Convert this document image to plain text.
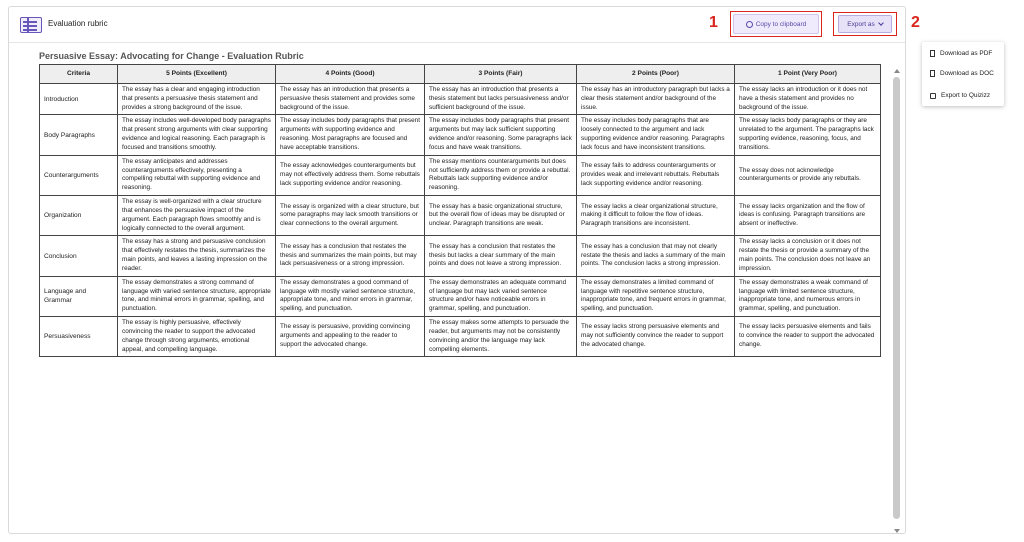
Evaluation rubric
Persuasive Essay: Advocating for Change - Evaluation Rubric
Criteria	5 Points (Excellent)	4 Points (Good)	3 Points (Fair)	2 Points (Poor)	1 Point (Very Poor)
Introduction	The essay has a clear and engaging introduction that presents a persuasive thesis statement and provides a strong background of the issue.	The essay has an introduction that presents a persuasive thesis statement and provides some background of the issue.	The essay has an introduction that presents a thesis statement but lacks persuasiveness and/or sufficient background of the issue.	The essay has an introductory paragraph but lacks a clear thesis statement and/or background of the issue.	The essay lacks an introduction or it does not have a thesis statement and provides no background of the issue.
Body Paragraphs	The essay includes well-developed body paragraphs that present strong arguments with clear supporting evidence and logical reasoning. Each paragraph is focused and transitions smoothly.	The essay includes body paragraphs that present arguments with supporting evidence and reasoning. Most paragraphs are focused and have acceptable transitions.	The essay includes body paragraphs that present arguments but may lack sufficient supporting evidence and/or reasoning. Some paragraphs lack focus and have weak transitions.	The essay includes body paragraphs that are loosely connected to the argument and lack supporting evidence and/or reasoning. Paragraphs lack focus and have inconsistent transitions.	The essay lacks body paragraphs or they are unrelated to the argument. The paragraphs lack supporting evidence, reasoning, focus, and transitions.
Counterarguments	The essay anticipates and addresses counterarguments effectively, presenting a compelling rebuttal with supporting evidence and reasoning.	The essay acknowledges counterarguments but may not effectively address them. Some rebuttals lack supporting evidence and/or reasoning.	The essay mentions counterarguments but does not sufficiently address them or provide a rebuttal. Rebuttals lack supporting evidence and/or reasoning.	The essay fails to address counterarguments or provides weak and irrelevant rebuttals. Rebuttals lack supporting evidence and/or reasoning.	The essay does not acknowledge counterarguments or provide any rebuttals.
Organization	The essay is well-organized with a clear structure that enhances the persuasive impact of the argument. Each paragraph flows smoothly and is logically connected to the overall argument.	The essay is organized with a clear structure, but some paragraphs may lack smooth transitions or clear connections to the overall argument.	The essay has a basic organizational structure, but the overall flow of ideas may be disrupted or unclear. Paragraph transitions are weak.	The essay lacks a clear organizational structure, making it difficult to follow the flow of ideas. Paragraph transitions are inconsistent.	The essay lacks organization and the flow of ideas is confusing. Paragraph transitions are absent or ineffective.
Conclusion	The essay has a strong and persuasive conclusion that effectively restates the thesis, summarizes the main points, and leaves a lasting impression on the reader.	The essay has a conclusion that restates the thesis and summarizes the main points, but may lack persuasiveness or a strong impression.	The essay has a conclusion that restates the thesis but lacks a clear summary of the main points and does not leave a strong impression.	The essay has a conclusion that may not clearly restate the thesis and lacks a summary of the main points. The conclusion lacks a strong impression.	The essay lacks a conclusion or it does not restate the thesis or provide a summary of the main points. The conclusion does not leave an impression.
Language and Grammar	The essay demonstrates a strong command of language with varied sentence structure, appropriate tone, and minimal errors in grammar, spelling, and punctuation.	The essay demonstrates a good command of language with mostly varied sentence structure, appropriate tone, and minor errors in grammar, spelling, and punctuation.	The essay demonstrates an adequate command of language but may lack varied sentence structure and/or have noticeable errors in grammar, spelling, and punctuation.	The essay demonstrates a limited command of language with repetitive sentence structure, inappropriate tone, and frequent errors in grammar, spelling, and punctuation.	The essay demonstrates a weak command of language with limited sentence structure, inappropriate tone, and numerous errors in grammar, spelling, and punctuation.
Persuasiveness	The essay is highly persuasive, effectively convincing the reader to support the advocated change through strong arguments, emotional appeal, and compelling language.	The essay is persuasive, providing convincing arguments and appealing to the reader to support the advocated change.	The essay makes some attempts to persuade the reader, but arguments may not be consistently convincing and/or the language may lack compelling elements.	The essay lacks strong persuasive elements and may not sufficiently convince the reader to support the advocated change.	The essay lacks persuasive elements and fails to convince the reader to support the advocated change.
Copy to clipboard	Export as
1	2
Download as PDF
Download as DOC
Export to Quizizz
